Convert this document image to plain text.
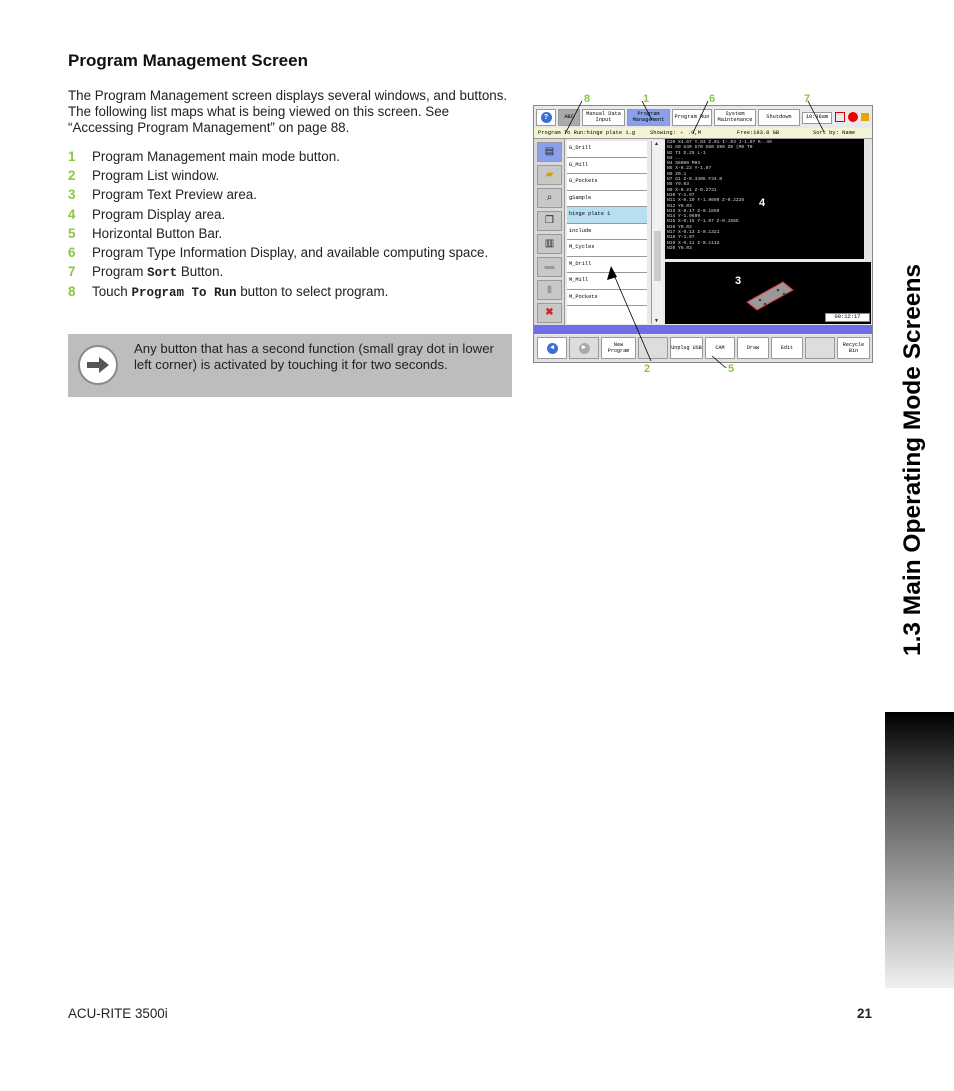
Program Management Screen

The Program Management screen displays several windows, and buttons. The following list maps what is being viewed on this screen. See “Accessing Program Management” on page 88.

1	Program Management main mode button.
2	Program List window.
3	Program Text Preview area.
4	Program Display area.
5	Horizontal Button Bar.
6	Program Type Information Display, and available computing space.
7	Program Sort Button.
8	Touch Program To Run button to select program.

Any button that has a second function (small gray dot in lower left corner) is activated by touching it for two seconds.

?	ABC	Manual Data Input
Program Management	Program Run	System Maintenance	Shutdown	10:38am
Program To Run:hinge plate 1.g	Showing: ★ .G,M	Free:193.8 GB	Sort by: Name
▤
▰
⌕
❐
▥
▬
▮
✖
G_Drill
G_Mill
G_Pockets
gSample
hinge plate 1
include
M_Cycles
M_Drill
M_Mill
M_Pockets
▲
▼
G20 X4.67 Y.83 Z.01 I-.03 J-1.97 K-.49
N1 G0 G40 G70 G80 G90 Z0 (M6 T0
N2 T1 D.25 L-1
N3 ...
N4 S6000 M03
N5 X-0.23 Y-1.97
N6 Z0.1
N7 G1 Z-0.3405 F34.0
N8 Y0.03
N9 X-0.21 Z-0.2731
N10 Y-1.97
N11 X-0.19 Y-1.9699 Z-0.2226
N12 Y0.03
N13 X-0.17 Z-0.1859
N14 Y-1.9699
N15 X-0.15 Y-1.97 Z-0.1565
N16 Y0.03
N17 X-0.13 Z-0.1321
N18 Y-1.97
N19 X-0.11 Z-0.1112
N20 Y0.03
00:12:17
◀	▶	New Program	Unplug USB	CAM	Draw	Edit	Recycle Bin
8	1	6	7
4
3
2	5	1.3 Main Operating Mode Screens
ACU-RITE 3500i	21
